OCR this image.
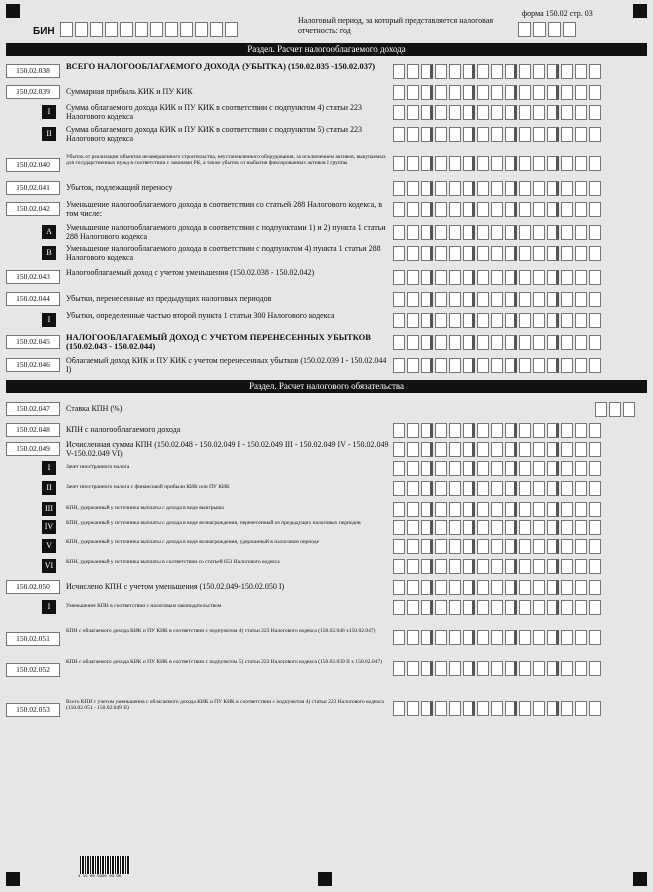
БИН
форма 150.02 стр. 03
Налоговый период, за который представляется налоговая отчетность: год
Раздел. Расчет налогооблагаемого дохода
150.02.038	ВСЕГО НАЛОГООБЛАГАЕМОГО ДОХОДА (УБЫТКА) (150.02.035 -150.02.037)
150.02.039	Суммарная прибыль КИК и ПУ КИК
I	Сумма облагаемого дохода КИК и ПУ КИК в соответствии с подпунктом 4) статьи 223 Налогового кодекса
II	Сумма облагаемого дохода КИК и ПУ КИК в соответствии с подпунктом 5) статьи 223 Налогового кодекса
150.02.040
Убыток от реализации объектов незавершенного строительства, неустановленного оборудования, за исключением активов, выкупаемых для государственных нужд в соответствии с законами РК, а также убыток от выбытия фиксированных активов I группы
150.02.041	Убыток, подлежащий переносу
150.02.042	Уменьшение налогооблагаемого дохода в соответствии со статьей 288 Налогового кодекса, в том числе:
A	Уменьшение налогооблагаемого дохода в соответствии с подпунктами 1) и 2) пункта 1 статьи 288 Налогового кодекса
B	Уменьшение налогооблагаемого дохода в соответствии с подпунктом 4) пункта 1 статьи 288 Налогового кодекса
150.02.043	Налогооблагаемый доход с учетом уменьшения (150.02.038 - 150.02.042)
150.02.044	Убытки, перенесенные из предыдущих налоговых периодов
I	Убытки, определенные частью второй пункта 1 статьи 300 Налогового кодекса
150.02.045	НАЛОГООБЛАГАЕМЫЙ ДОХОД С УЧЕТОМ ПЕРЕНЕСЕННЫХ УБЫТКОВ (150.02.043 - 150.02.044)
150.02.046	Облагаемый доход КИК и ПУ КИК с учетом перенесенных убытков (150.02.039 I - 150.02.044 I)
Раздел. Расчет налогового обязательства
150.02.047	Ставка КПН (%)
150.02.048	КПН с налогооблагаемого дохода
150.02.049	Исчисленная сумма КПН (150.02.048 - 150.02.049 I - 150.02.049 III - 150.02.049 IV - 150.02.049 V-150.02.049 VI)
I	Зачет иностранного налога
II	Зачет иностранного налога с финансовой прибыли КИК или ПУ КИК
III	КПН, удержанный у источника выплаты с дохода в виде выигрыша
IV	КПН, удержанный у источника выплаты с дохода в виде вознаграждения, перенесенный из предыдущих налоговых периодов
V	КПН, удержанный у источника выплаты с дохода в виде вознаграждения, удержанный в налоговом периоде
VI	КПН, удержанный у источника выплаты в соответствии со статьей 653 Налогового кодекса
150.02.050	Исчислено КПН с учетом уменьшения (150.02.049-150.02.050 I)
I	Уменьшение КПН в соответствии с налоговым законодательством
150.02.051
КПН с облагаемого дохода КИК и ПУ КИК в соответствии с подпунктом 4) статьи 223 Налогового кодекса (150.02.046 x150.02.047)
150.02.052
КПН с облагаемого дохода КИК и ПУ КИК в соответствии с подпунктом 5) статьи 223 Налогового кодекса (150.02.039 II x 150.02.047)
150.02.053
Всего КПН с учетом уменьшения с облагаемого дохода КИК и ПУ КИК в соответствии с подпунктом 4) статьи 223 Налогового кодекса (150.02.051 - 150.02.049 II)
4 15 00 0300 03 00
